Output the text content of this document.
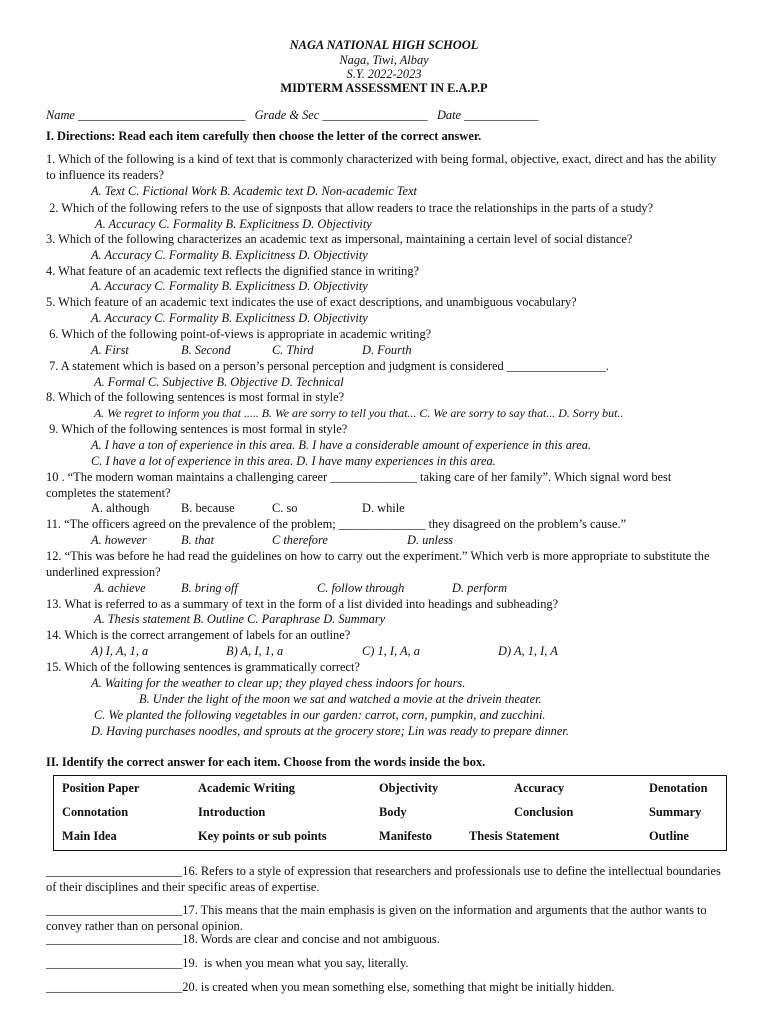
NAGA NATIONAL HIGH SCHOOL
Naga, Tiwi, Albay
S.Y. 2022-2023
MIDTERM ASSESSMENT IN E.A.P.P
Name ___________________________   Grade & Sec _________________   Date ____________
I. Directions: Read each item carefully then choose the letter of the correct answer.
1. Which of the following is a kind of text that is commonly characterized with being formal, objective, exact, direct and has the ability to influence its readers?
A. Text C. Fictional Work B. Academic text D. Non-academic Text
2. Which of the following refers to the use of signposts that allow readers to trace the relationships in the parts of a study?
A. Accuracy C. Formality B. Explicitness D. Objectivity
3. Which of the following characterizes an academic text as impersonal, maintaining a certain level of social distance?
A. Accuracy C. Formality B. Explicitness D. Objectivity
4. What feature of an academic text reflects the dignified stance in writing?
A. Accuracy C. Formality B. Explicitness D. Objectivity
5. Which feature of an academic text indicates the use of exact descriptions, and unambiguous vocabulary?
A. Accuracy C. Formality B. Explicitness D. Objectivity
6. Which of the following point-of-views is appropriate in academic writing?
A. First	B. Second	C. Third	D. Fourth
7. A statement which is based on a person’s personal perception and judgment is considered ________________.
A. Formal C. Subjective B. Objective D. Technical
8. Which of the following sentences is most formal in style?
A. We regret to inform you that ..... B. We are sorry to tell you that... C. We are sorry to say that... D. Sorry but..
9. Which of the following sentences is most formal in style?
A. I have a ton of experience in this area. B. I have a considerable amount of experience in this area.
C. I have a lot of experience in this area. D. I have many experiences in this area.
10 . “The modern woman maintains a challenging career ______________ taking care of her family”. Which signal word best completes the statement?
A. although	B. because	C. so	D. while
11. “The officers agreed on the prevalence of the problem; ______________ they disagreed on the problem’s cause.”
A. however	B. that	C therefore	D. unless
12. “This was before he had read the guidelines on how to carry out the experiment.” Which verb is more appropriate to substitute the underlined expression?
A. achieve	B. bring off	C. follow through	D. perform
13. What is referred to as a summary of text in the form of a list divided into headings and subheading?
A. Thesis statement B. Outline C. Paraphrase D. Summary
14. Which is the correct arrangement of labels for an outline?
A) I, A, 1, a	B) A, I, 1, a	C) 1, I, A, a	D) A, 1, I, A
15. Which of the following sentences is grammatically correct?
A. Waiting for the weather to clear up; they played chess indoors for hours.
B. Under the light of the moon we sat and watched a movie at the drivein theater.
C. We planted the following vegetables in our garden: carrot, corn, pumpkin, and zucchini.
D. Having purchases noodles, and sprouts at the grocery store; Lin was ready to prepare dinner.
II. Identify the correct answer for each item. Choose from the words inside the box.
Position Paper	Academic Writing	Objectivity	Accuracy	Denotation
Connotation	Introduction	Body	Conclusion	Summary
Main Idea	Key points or sub points	Manifesto	Thesis Statement	Outline
______________________16. Refers to a style of expression that researchers and professionals use to define the intellectual boundaries of their disciplines and their specific areas of expertise.
______________________17. This means that the main emphasis is given on the information and arguments that the author wants to convey rather than on personal opinion.
______________________18. Words are clear and concise and not ambiguous.
______________________19.  is when you mean what you say, literally.
______________________20. is created when you mean something else, something that might be initially hidden.
